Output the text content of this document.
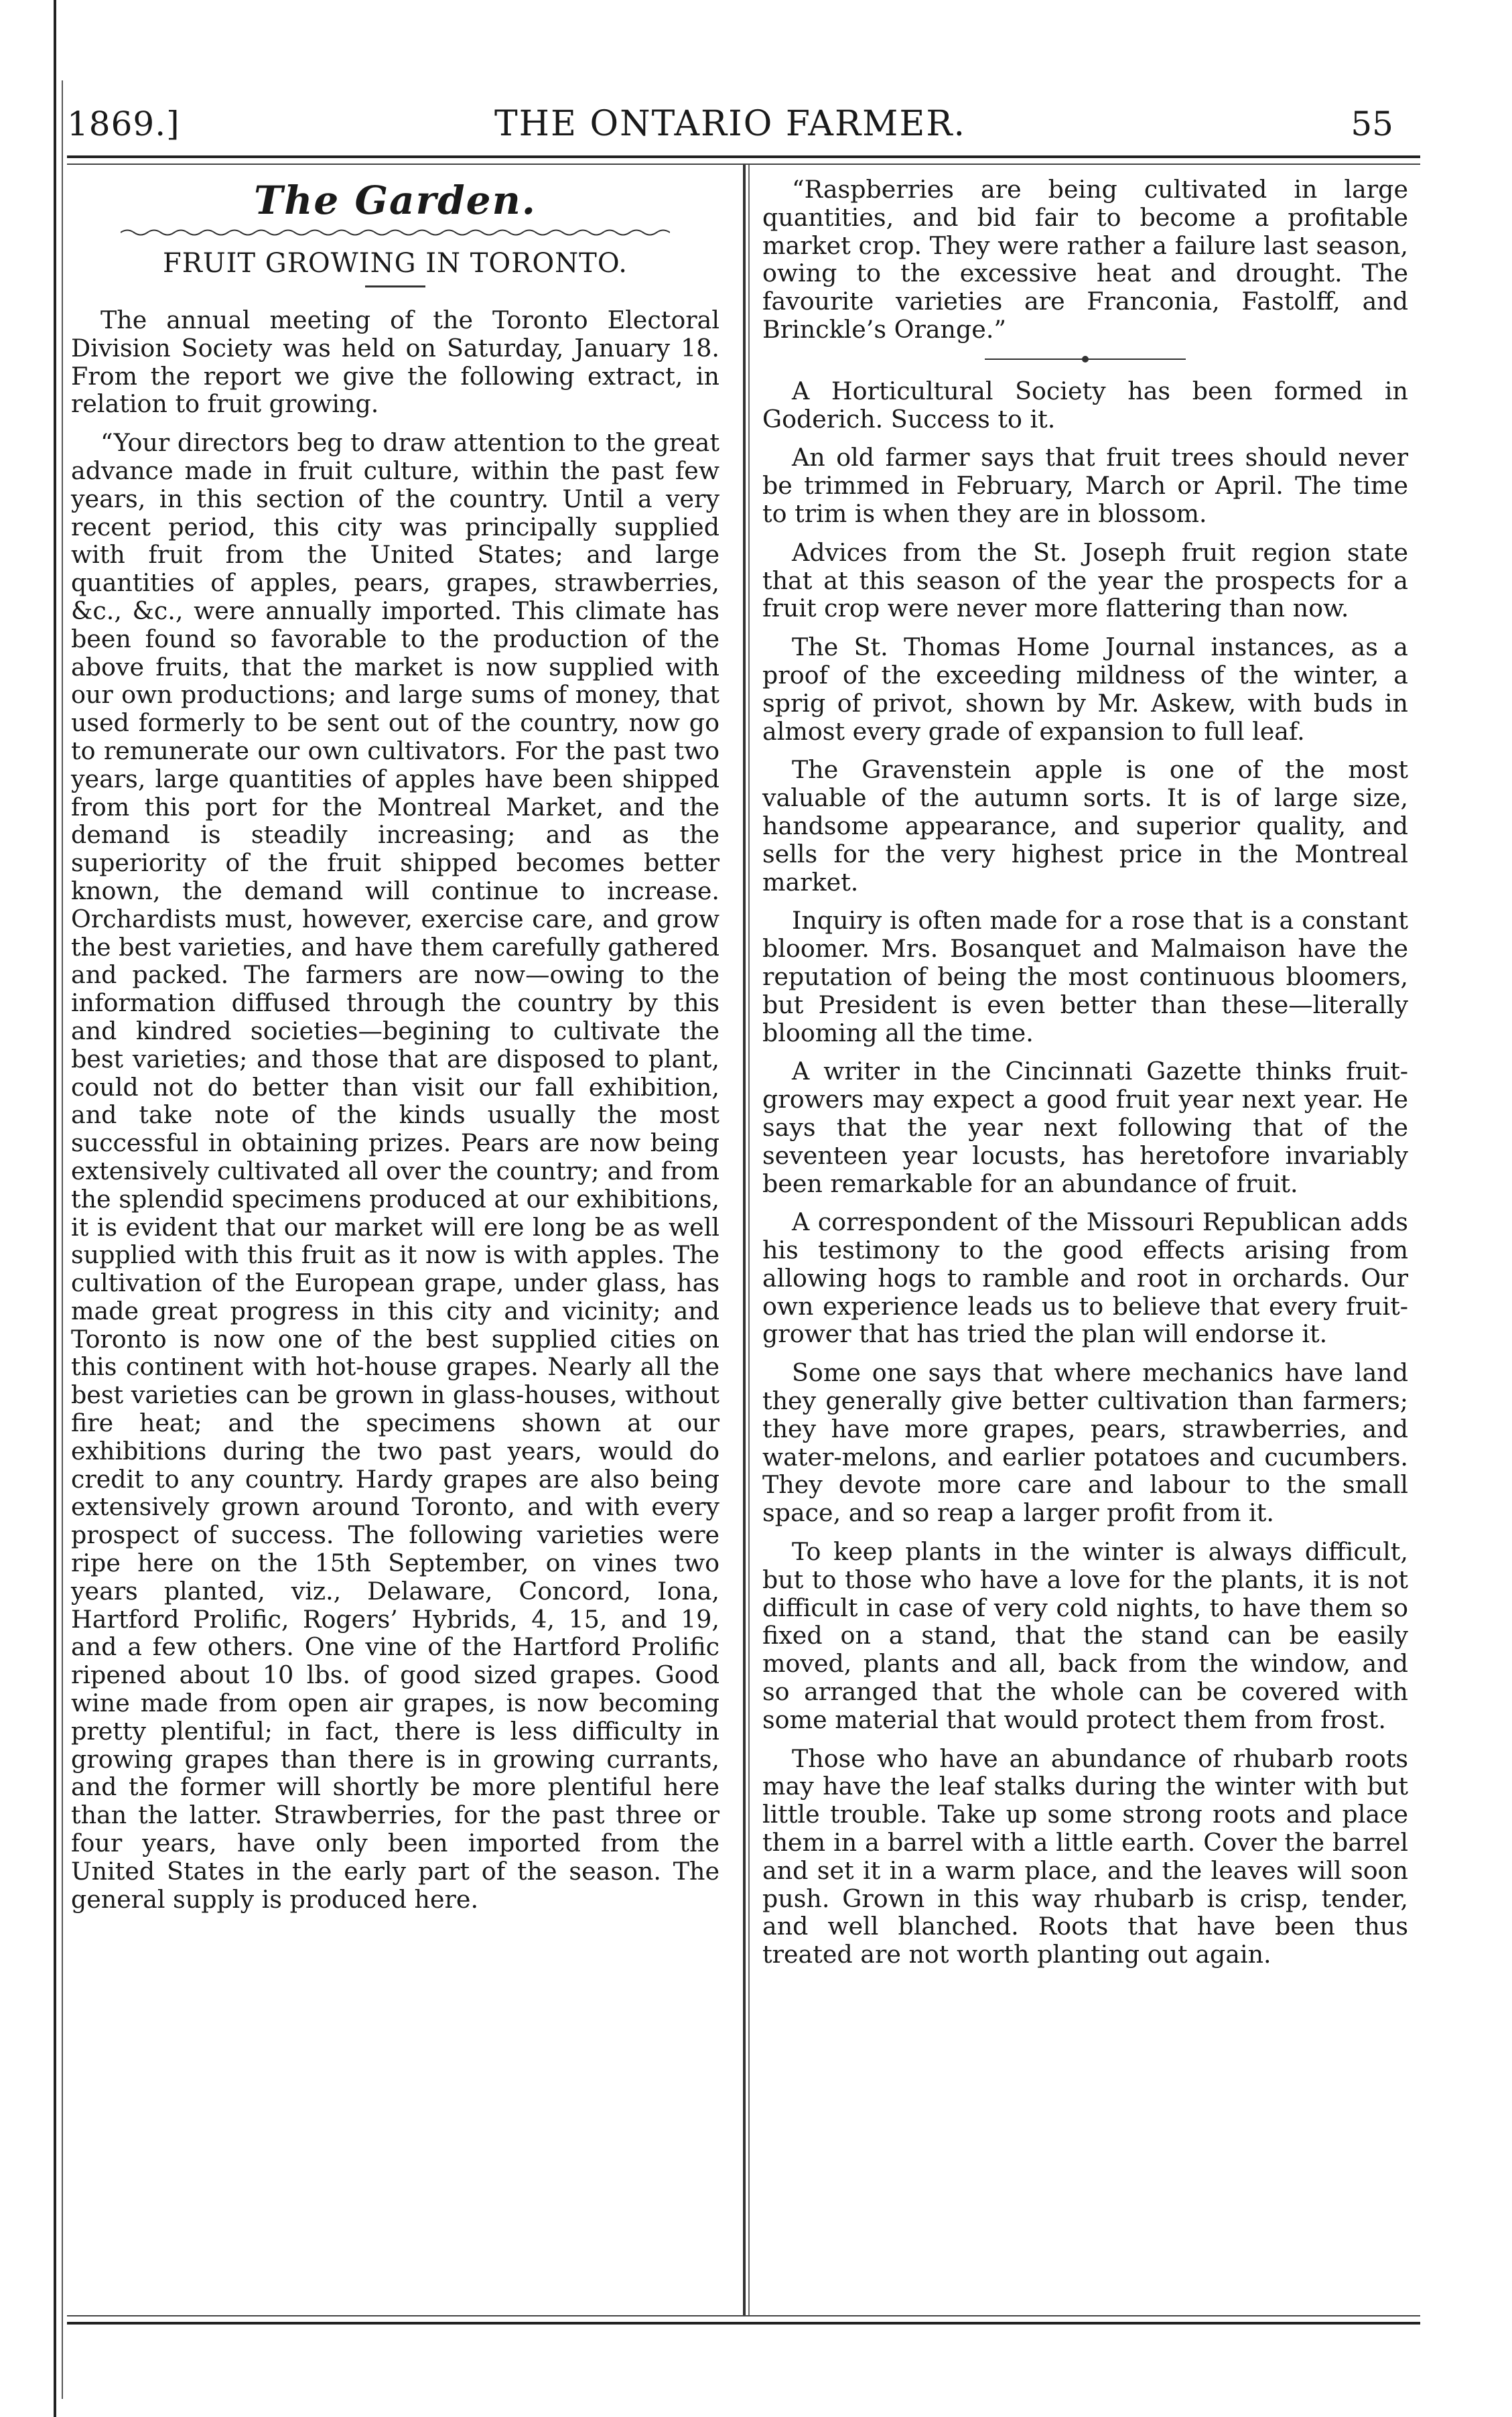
1869.]	THE ONTARIO FARMER.	55
The Garden.
FRUIT GROWING IN TORONTO.

The annual meeting of the Toronto Electoral Division Society was held on Saturday, January 18. From the report we give the following extract, in relation to fruit growing.

“Your directors beg to draw attention to the great advance made in fruit culture, within the past few years, in this section of the country. Until a very recent period, this city was principally supplied with fruit from the United States; and large quantities of apples, pears, grapes, strawberries, &c., &c., were annually imported. This climate has been found so favorable to the production of the above fruits, that the market is now supplied with our own productions; and large sums of money, that used formerly to be sent out of the country, now go to remunerate our own cultivators. For the past two years, large quantities of apples have been shipped from this port for the Montreal Market, and the demand is steadily increasing; and as the superiority of the fruit shipped becomes better known, the demand will continue to increase. Orchardists must, however, exercise care, and grow the best varieties, and have them carefully gathered and packed. The farmers are now—owing to the information diffused through the country by this and kindred societies—begining to cultivate the best varieties; and those that are disposed to plant, could not do better than visit our fall exhibition, and take note of the kinds usually the most successful in obtaining prizes. Pears are now being extensively cultivated all over the country; and from the splendid specimens produced at our exhibitions, it is evident that our market will ere long be as well supplied with this fruit as it now is with apples. The cultivation of the European grape, under glass, has made great progress in this city and vicinity; and Toronto is now one of the best supplied cities on this continent with hot-house grapes. Nearly all the best varieties can be grown in glass-houses, without fire heat; and the specimens shown at our exhibitions during the two past years, would do credit to any country. Hardy grapes are also being extensively grown around Toronto, and with every prospect of success. The following varieties were ripe here on the 15th September, on vines two years planted, viz., Delaware, Concord, Iona, Hartford Prolific, Rogers’ Hybrids, 4, 15, and 19, and a few others. One vine of the Hartford Prolific ripened about 10 lbs. of good sized grapes. Good wine made from open air grapes, is now becoming pretty plentiful; in fact, there is less difficulty in growing grapes than there is in growing currants, and the former will shortly be more plentiful here than the latter. Strawberries, for the past three or four years, have only been imported from the United States in the early part of the season. The general supply is produced here.

“Raspberries are being cultivated in large quantities, and bid fair to become a profitable market crop. They were rather a failure last season, owing to the excessive heat and drought. The favourite varieties are Franconia, Fastolff, and Brinckle’s Orange.”

A Horticultural Society has been formed in Goderich. Success to it.

An old farmer says that fruit trees should never be trimmed in February, March or April. The time to trim is when they are in blossom.

Advices from the St. Joseph fruit region state that at this season of the year the prospects for a fruit crop were never more flattering than now.

The St. Thomas Home Journal instances, as a proof of the exceeding mildness of the winter, a sprig of privot, shown by Mr. Askew, with buds in almost every grade of expansion to full leaf.

The Gravenstein apple is one of the most valuable of the autumn sorts. It is of large size, handsome appearance, and superior quality, and sells for the very highest price in the Montreal market.

Inquiry is often made for a rose that is a constant bloomer. Mrs. Bosanquet and Malmaison have the reputation of being the most continuous bloomers, but President is even better than these—literally blooming all the time.

A writer in the Cincinnati Gazette thinks fruit-growers may expect a good fruit year next year. He says that the year next following that of the seventeen year locusts, has heretofore invariably been remarkable for an abundance of fruit.

A correspondent of the Missouri Republican adds his testimony to the good effects arising from allowing hogs to ramble and root in orchards. Our own experience leads us to believe that every fruit-grower that has tried the plan will endorse it.

Some one says that where mechanics have land they generally give better cultivation than farmers; they have more grapes, pears, strawberries, and water-melons, and earlier potatoes and cucumbers. They devote more care and labour to the small space, and so reap a larger profit from it.

To keep plants in the winter is always difficult, but to those who have a love for the plants, it is not difficult in case of very cold nights, to have them so fixed on a stand, that the stand can be easily moved, plants and all, back from the window, and so arranged that the whole can be covered with some material that would protect them from frost.

Those who have an abundance of rhubarb roots may have the leaf stalks during the winter with but little trouble. Take up some strong roots and place them in a barrel with a little earth. Cover the barrel and set it in a warm place, and the leaves will soon push. Grown in this way rhubarb is crisp, tender, and well blanched. Roots that have been thus treated are not worth planting out again.
